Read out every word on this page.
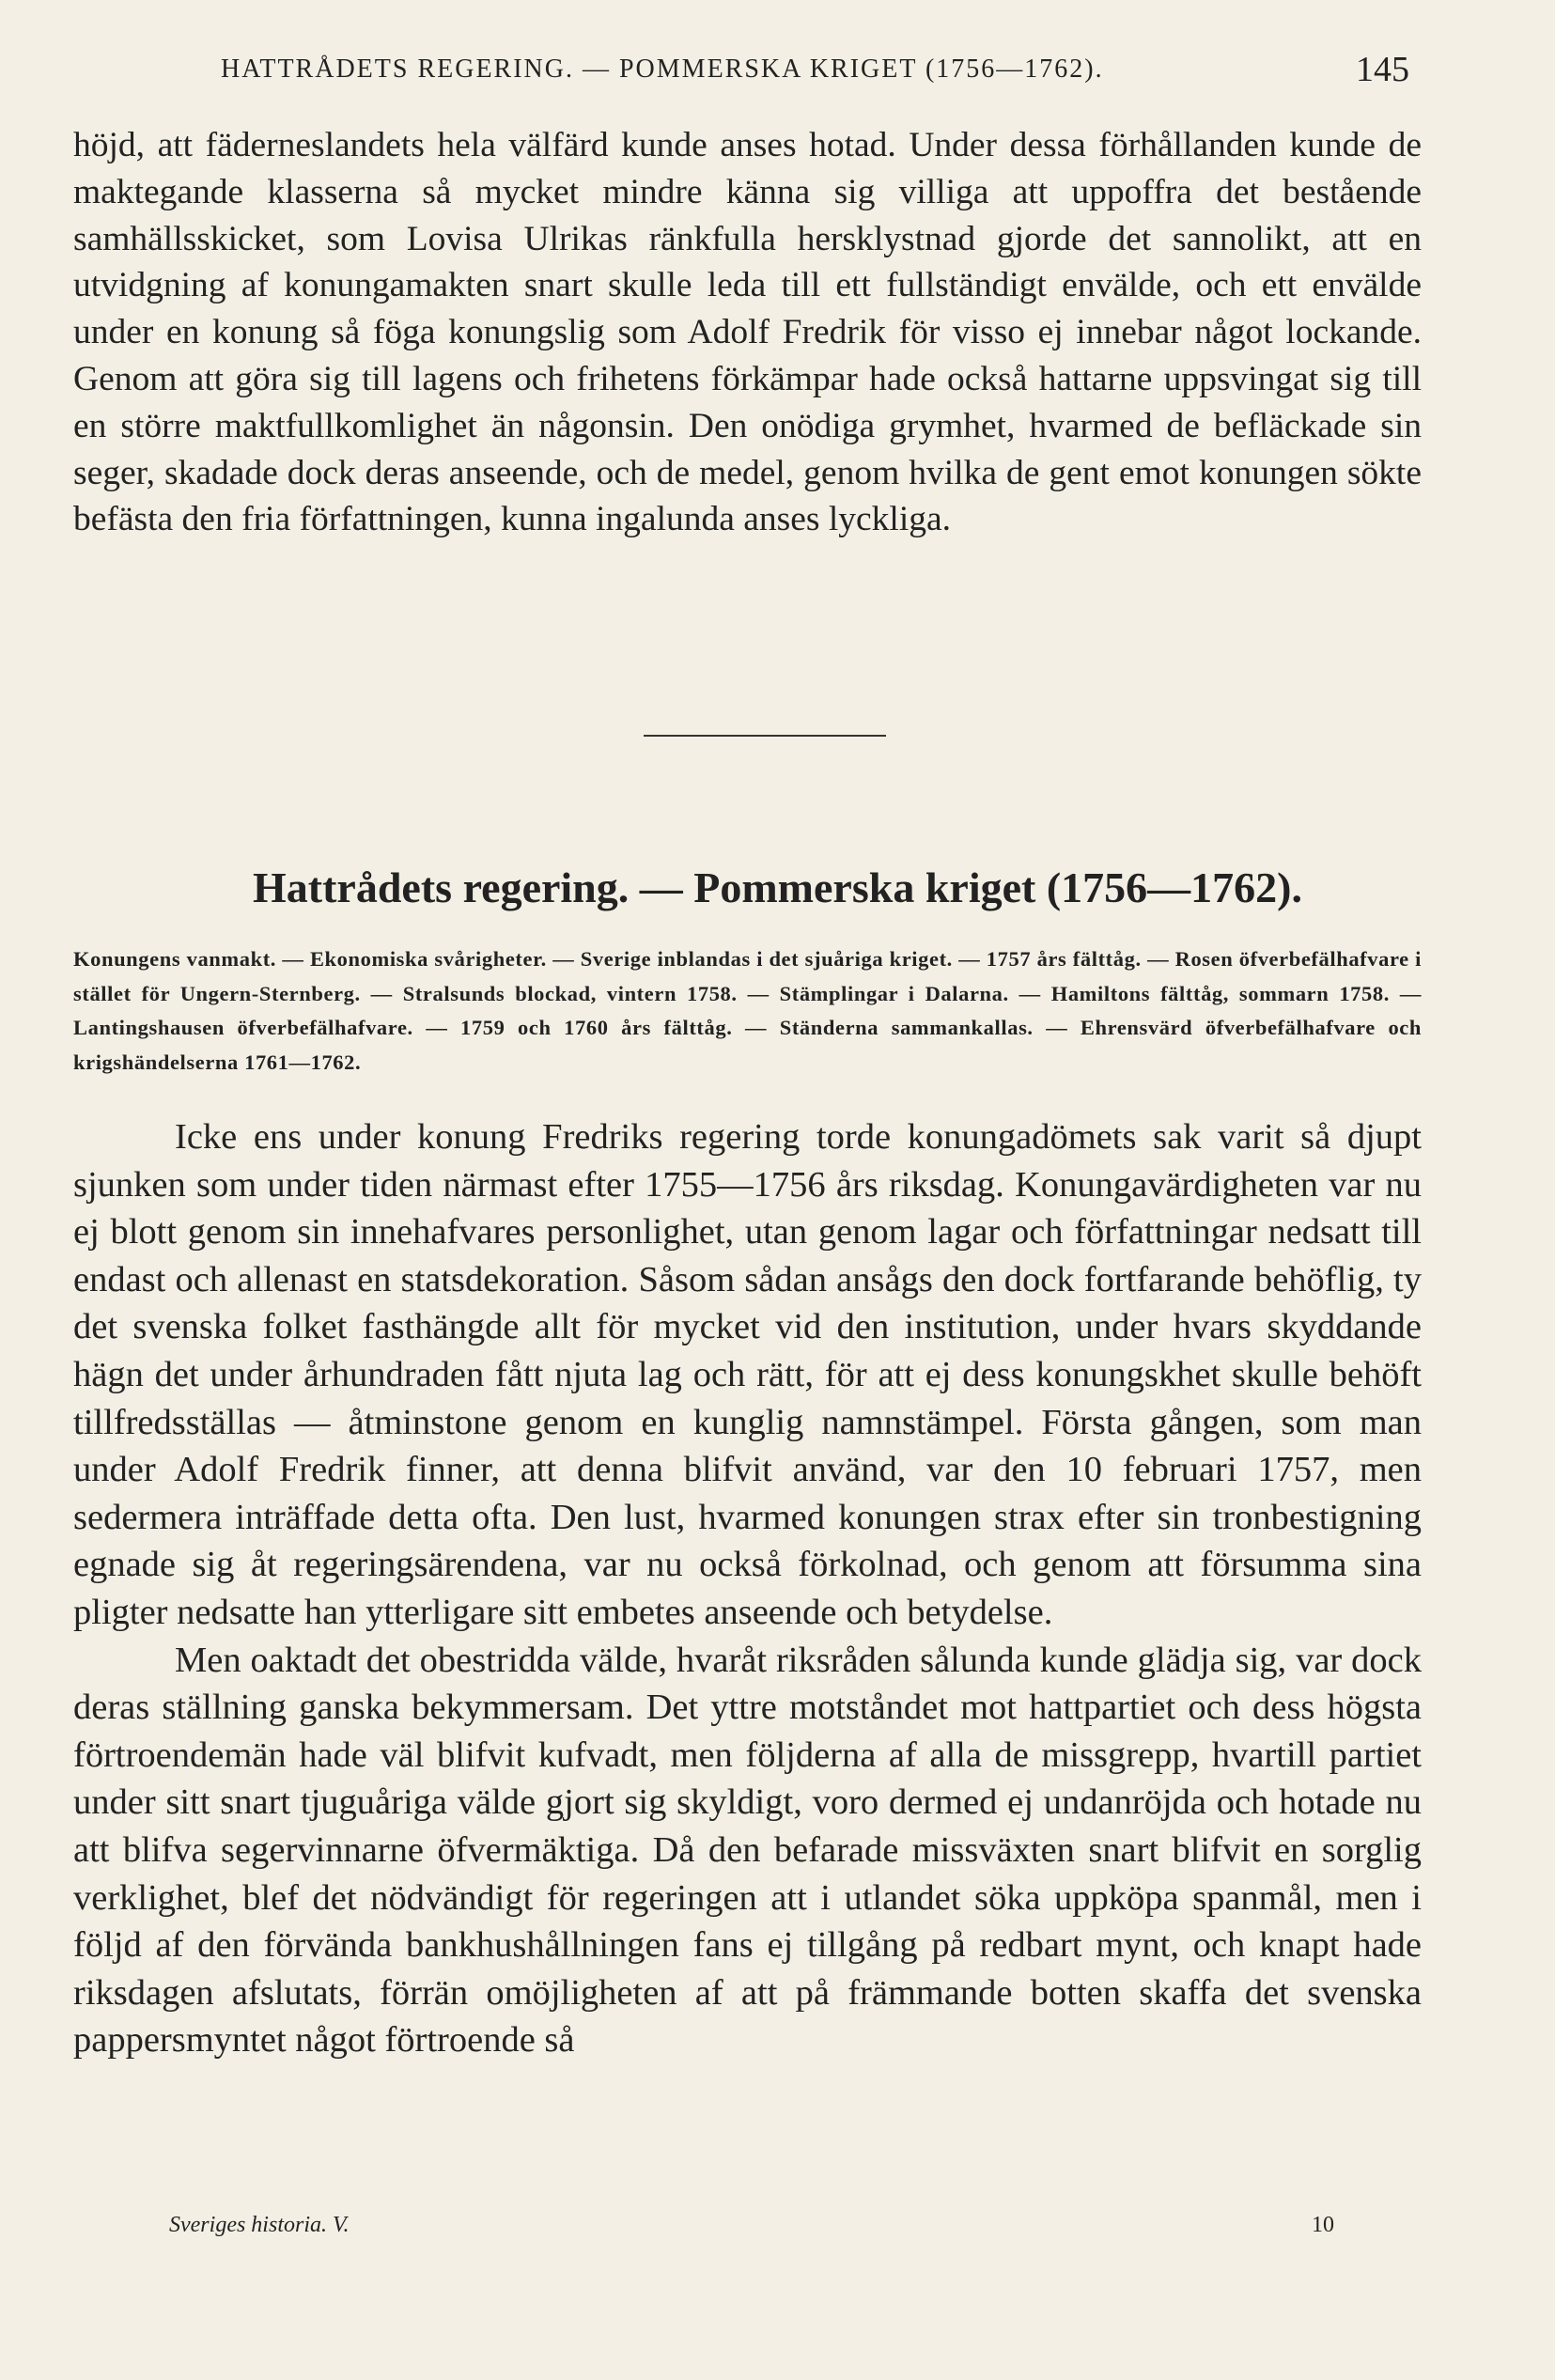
HATTRÅDETS REGERING. — POMMERSKA KRIGET (1756—1762).	145

höjd, att fäderneslandets hela välfärd kunde anses hotad. Under dessa förhållanden kunde de maktegande klasserna så mycket mindre känna sig villiga att uppoffra det bestående samhällsskicket, som Lovisa Ulrikas ränkfulla hersklystnad gjorde det sannolikt, att en utvidgning af konungamakten snart skulle leda till ett fullständigt envälde, och ett envälde under en konung så föga konungslig som Adolf Fredrik för visso ej innebar något lockande. Genom att göra sig till lagens och frihetens förkämpar hade också hattarne uppsvingat sig till en större maktfullkomlighet än någonsin. Den onödiga grymhet, hvarmed de befläckade sin seger, skadade dock deras anseende, och de medel, genom hvilka de gent emot konungen sökte befästa den fria författningen, kunna ingalunda anses lyckliga.

Hattrådets regering. — Pommerska kriget (1756—1762).
Konungens vanmakt. — Ekonomiska svårigheter. — Sverige inblandas i det sjuåriga kriget. — 1757 års fälttåg. — Rosen öfverbefälhafvare i stället för Ungern-Sternberg. — Stralsunds blockad, vintern 1758. — Stämplingar i Dalarna. — Hamiltons fälttåg, sommarn 1758. — Lantingshausen öfverbefälhafvare. — 1759 och 1760 års fälttåg. — Ständerna sammankallas. — Ehrensvärd öfverbefälhafvare och krigshändelserna 1761—1762.

Icke ens under konung Fredriks regering torde konungadömets sak varit så djupt sjunken som under tiden närmast efter 1755—1756 års riksdag. Konungavärdigheten var nu ej blott genom sin innehafvares personlighet, utan genom lagar och författningar nedsatt till endast och allenast en statsdekoration. Såsom sådan ansågs den dock fortfarande behöflig, ty det svenska folket fasthängde allt för mycket vid den institution, under hvars skyddande hägn det under århundraden fått njuta lag och rätt, för att ej dess konungskhet skulle behöft tillfredsställas — åtminstone genom en kunglig namnstämpel. Första gången, som man under Adolf Fredrik finner, att denna blifvit använd, var den 10 februari 1757, men sedermera inträffade detta ofta. Den lust, hvarmed konungen strax efter sin tronbestigning egnade sig åt regeringsärendena, var nu också förkolnad, och genom att försumma sina pligter nedsatte han ytterligare sitt embetes anseende och betydelse.

Men oaktadt det obestridda välde, hvaråt riksråden sålunda kunde glädja sig, var dock deras ställning ganska bekymmersam. Det yttre motståndet mot hattpartiet och dess högsta förtroendemän hade väl blifvit kufvadt, men följderna af alla de missgrepp, hvartill partiet under sitt snart tjuguåriga välde gjort sig skyldigt, voro dermed ej undanröjda och hotade nu att blifva segervinnarne öfvermäktiga. Då den befarade missväxten snart blifvit en sorglig verklighet, blef det nödvändigt för regeringen att i utlandet söka uppköpa spanmål, men i följd af den förvända bankhushållningen fans ej tillgång på redbart mynt, och knapt hade riksdagen afslutats, förrän omöjligheten af att på främmande botten skaffa det svenska pappersmyntet något förtroende så

Sveriges historia. V.	10
